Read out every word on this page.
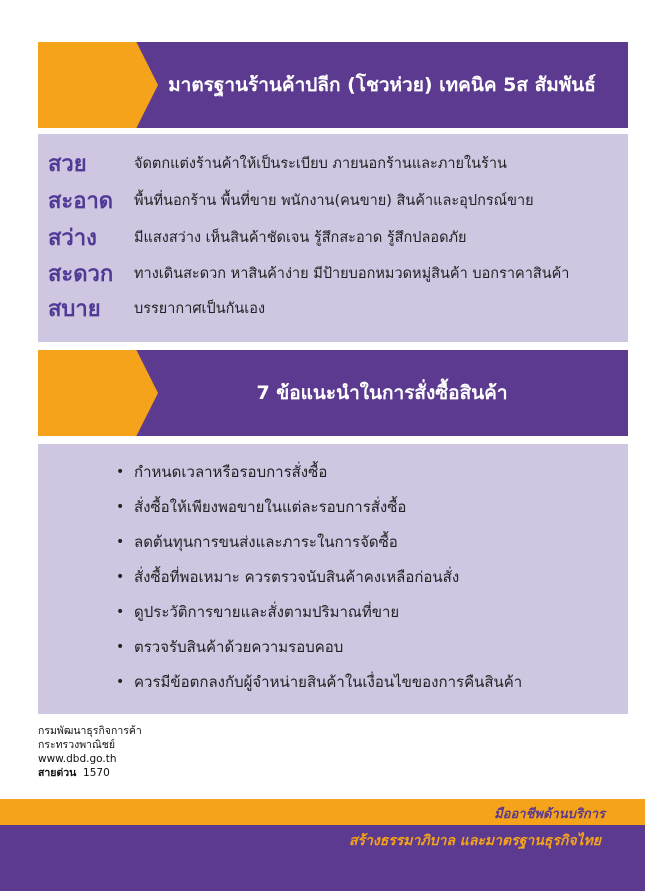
มาตรฐานร้านค้าปลีก (โชวห่วย) เทคนิค 5ส สัมพันธ์
สวย	จัดตกแต่งร้านค้าให้เป็นระเบียบ ภายนอกร้านและภายในร้าน
สะอาด	พื้นที่นอกร้าน พื้นที่ขาย พนักงาน(คนขาย) สินค้าและอุปกรณ์ขาย
สว่าง	มีแสงสว่าง เห็นสินค้าชัดเจน รู้สึกสะอาด รู้สึกปลอดภัย
สะดวก	ทางเดินสะดวก หาสินค้าง่าย มีป้ายบอกหมวดหมู่สินค้า บอกราคาสินค้า
สบาย	บรรยากาศเป็นกันเอง
7 ข้อแนะนำในการสั่งซื้อสินค้า
• กำหนดเวลาหรือรอบการสั่งซื้อ
• สั่งซื้อให้เพียงพอขายในแต่ละรอบการสั่งซื้อ
• ลดต้นทุนการขนส่งและภาระในการจัดซื้อ
• สั่งซื้อที่พอเหมาะ ควรตรวจนับสินค้าคงเหลือก่อนสั่ง
• ดูประวัติการขายและสั่งตามปริมาณที่ขาย
• ตรวจรับสินค้าด้วยความรอบคอบ
• ควรมีข้อตกลงกับผู้จำหน่ายสินค้าในเงื่อนไขของการคืนสินค้า
กรมพัฒนาธุรกิจการค้า
กระทรวงพาณิชย์
www.dbd.go.th
สายด่วน 1570
มืออาชีพด้านบริการ
สร้างธรรมาภิบาล และมาตรฐานธุรกิจไทย
